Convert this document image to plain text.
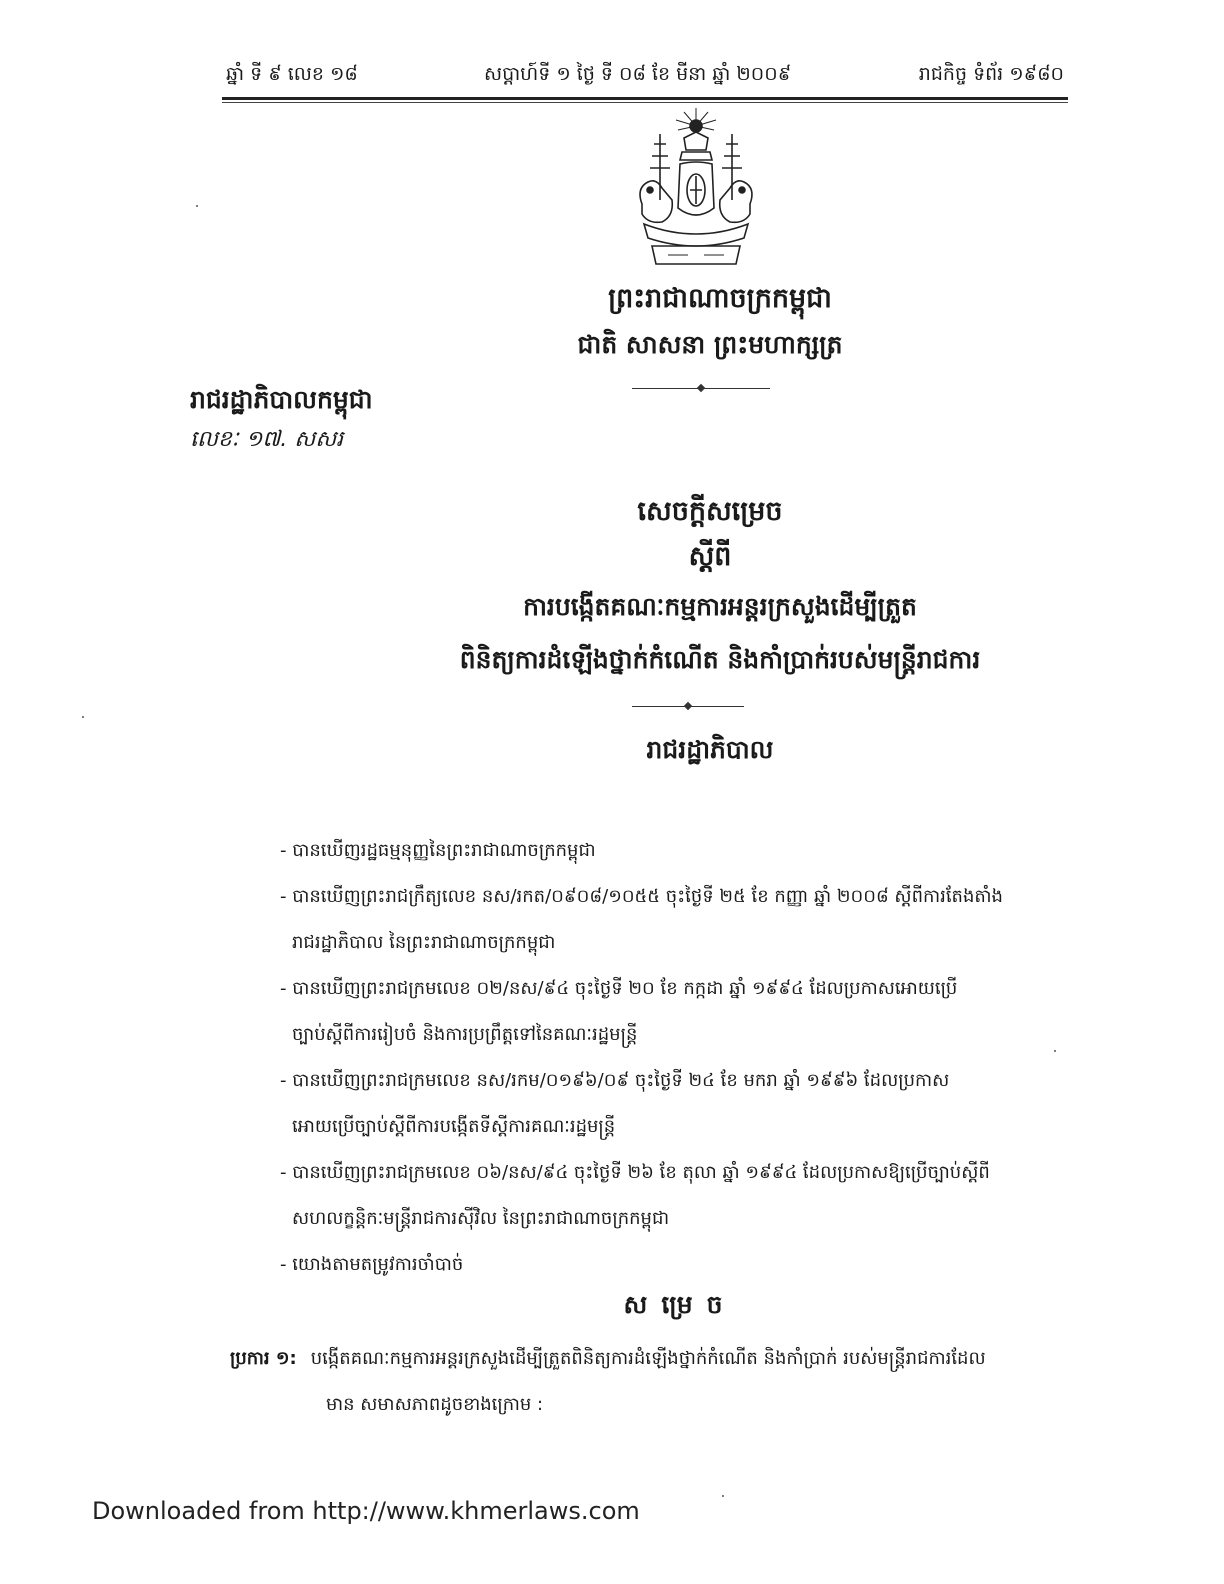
ឆ្នាំ ទី ៩ លេខ ១៨	សប្តាហ៍ទី ១ ថ្ងៃ ទី ០៨ ខែ មីនា ឆ្នាំ ២០០៩	រាជកិច្ច ទំព័រ ១៩៨០
ព្រះរាជាណាចក្រកម្ពុជា
ជាតិ សាសនា ព្រះមហាក្សត្រ
រាជរដ្ឋាភិបាលកម្ពុជា
លេខៈ ១៧. សសរ
សេចក្ដីសម្រេច
ស្ដីពី
ការបង្កើតគណៈកម្មការអន្តរក្រសួងដើម្បីត្រួត
ពិនិត្យការដំឡើងថ្នាក់កំណើត និងកាំប្រាក់របស់មន្ត្រីរាជការ
រាជរដ្ឋាភិបាល
- បានឃើញរដ្ឋធម្មនុញ្ញនៃព្រះរាជាណាចក្រកម្ពុជា
- បានឃើញព្រះរាជក្រឹត្យលេខ នស/រកត/០៩០៨/១០៥៥ ចុះថ្ងៃទី ២៥ ខែ កញ្ញា ឆ្នាំ ២០០៨ ស្ដីពីការតែងតាំង
រាជរដ្ឋាភិបាល នៃព្រះរាជាណាចក្រកម្ពុជា
- បានឃើញព្រះរាជក្រមលេខ ០២/នស/៩៤ ចុះថ្ងៃទី ២០ ខែ កក្កដា ឆ្នាំ ១៩៩៤ ដែលប្រកាសអោយប្រើ
ច្បាប់ស្ដីពីការរៀបចំ និងការប្រព្រឹត្តទៅនៃគណៈរដ្ឋមន្ត្រី
- បានឃើញព្រះរាជក្រមលេខ នស/រកម/០១៩៦/០៩ ចុះថ្ងៃទី ២៤ ខែ មករា ឆ្នាំ ១៩៩៦ ដែលប្រកាស
អោយប្រើច្បាប់ស្ដីពីការបង្កើតទីស្ដីការគណៈរដ្ឋមន្ត្រី
- បានឃើញព្រះរាជក្រមលេខ ០៦/នស/៩៤ ចុះថ្ងៃទី ២៦ ខែ តុលា ឆ្នាំ ១៩៩៤ ដែលប្រកាសឱ្យប្រើច្បាប់ស្ដីពី
សហលក្ខន្តិកៈមន្ត្រីរាជការស៊ីវិល នៃព្រះរាជាណាចក្រកម្ពុជា
- យោងតាមតម្រូវការចាំបាច់
សម្រេច
ប្រការ ១: បង្កើតគណៈកម្មការអន្តរក្រសួងដើម្បីត្រួតពិនិត្យការដំឡើងថ្នាក់កំណើត និងកាំប្រាក់ របស់មន្ត្រីរាជការដែល
មាន សមាសភាពដូចខាងក្រោម :
Downloaded from http://www.khmerlaws.com
